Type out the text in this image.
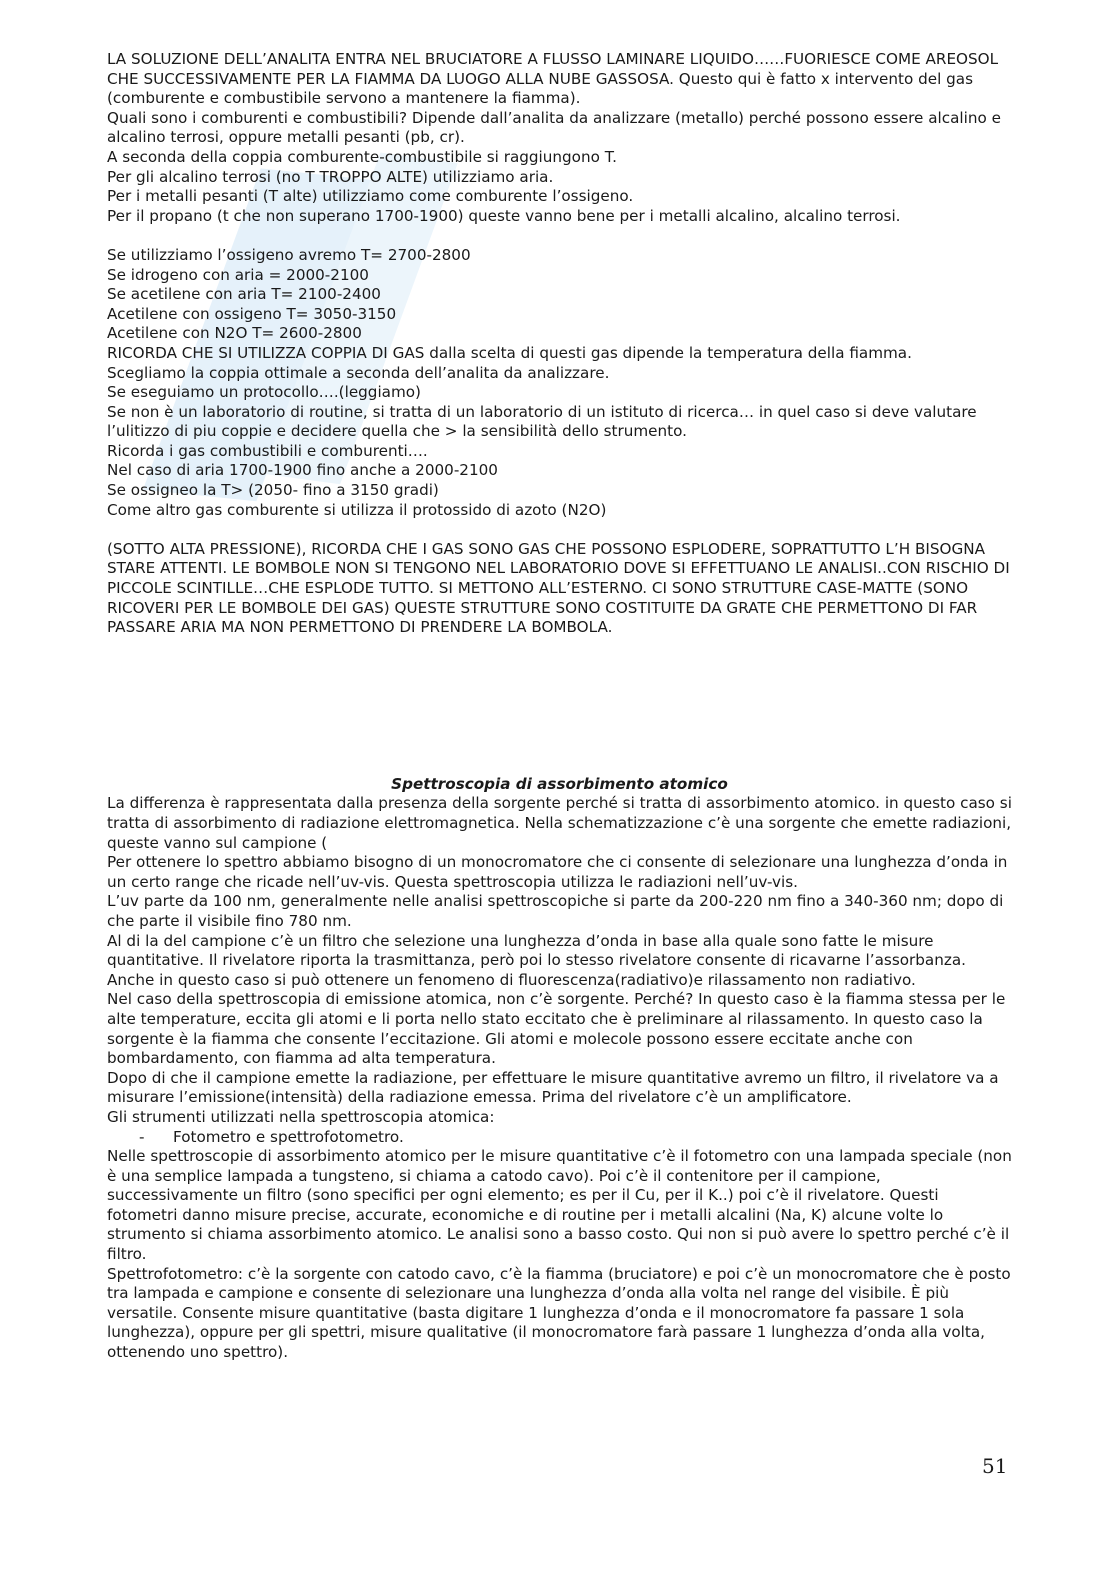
LA SOLUZIONE DELL’ANALITA ENTRA NEL BRUCIATORE A FLUSSO LAMINARE LIQUIDO……FUORIESCE COME AREOSOL CHE SUCCESSIVAMENTE PER LA FIAMMA DA LUOGO ALLA NUBE GASSOSA. Questo qui è fatto x intervento del gas (comburente e combustibile servono a mantenere la fiamma).

Quali sono i comburenti e combustibili? Dipende dall’analita da analizzare (metallo) perché possono essere alcalino e alcalino terrosi, oppure metalli pesanti (pb, cr).

A seconda della coppia comburente-combustibile si raggiungono T.

Per gli alcalino terrosi (no T TROPPO ALTE) utilizziamo aria.

Per i metalli pesanti (T alte) utilizziamo come comburente l’ossigeno.

Per il propano (t che non superano 1700-1900) queste vanno bene per i metalli alcalino, alcalino terrosi.

Se utilizziamo l’ossigeno avremo T= 2700-2800

Se idrogeno con aria = 2000-2100

Se acetilene con aria T= 2100-2400

Acetilene con ossigeno T= 3050-3150

Acetilene con N2O T= 2600-2800

RICORDA CHE SI UTILIZZA COPPIA DI GAS dalla scelta di questi gas dipende la temperatura della fiamma.

Scegliamo la coppia ottimale a seconda dell’analita da analizzare.

Se eseguiamo un protocollo….(leggiamo)

Se non è un laboratorio di routine, si tratta di un laboratorio di un istituto di ricerca… in quel caso si deve valutare l’ulitizzo di piu coppie e decidere quella che > la sensibilità dello strumento.

Ricorda i gas combustibili e comburenti….

Nel caso di aria 1700-1900 fino anche a 2000-2100

Se ossigneo la T> (2050- fino a 3150 gradi)

Come altro gas comburente si utilizza il protossido di azoto (N2O)

(SOTTO ALTA PRESSIONE), RICORDA CHE I GAS SONO GAS CHE POSSONO ESPLODERE, SOPRATTUTTO L’H BISOGNA STARE ATTENTI. LE BOMBOLE NON SI TENGONO NEL LABORATORIO DOVE SI EFFETTUANO LE ANALISI..CON RISCHIO DI PICCOLE SCINTILLE…CHE ESPLODE TUTTO. SI METTONO ALL’ESTERNO. CI SONO STRUTTURE CASE-MATTE (SONO RICOVERI PER LE BOMBOLE DEI GAS) QUESTE STRUTTURE SONO COSTITUITE DA GRATE CHE PERMETTONO DI FAR PASSARE ARIA MA NON PERMETTONO DI PRENDERE LA BOMBOLA.

Spettroscopia di assorbimento atomico

La differenza è rappresentata dalla presenza della sorgente perché si tratta di assorbimento atomico. in questo caso si tratta di assorbimento di radiazione elettromagnetica. Nella schematizzazione c’è una sorgente che emette radiazioni, queste vanno sul campione (

Per ottenere lo spettro abbiamo bisogno di un monocromatore che ci consente di selezionare una lunghezza d’onda in un certo range che ricade nell’uv-vis. Questa spettroscopia utilizza le radiazioni nell’uv-vis.

L’uv parte da 100 nm, generalmente nelle analisi spettroscopiche si parte da 200-220 nm fino a 340-360 nm; dopo di che parte il visibile fino 780 nm.

Al di la del campione c’è un filtro che selezione una lunghezza d’onda in base alla quale sono fatte le misure quantitative. Il rivelatore riporta la trasmittanza, però poi lo stesso rivelatore consente di ricavarne l’assorbanza. Anche in questo caso si può ottenere un fenomeno di fluorescenza(radiativo)e rilassamento non radiativo.

Nel caso della spettroscopia di emissione atomica, non c’è sorgente. Perché? In questo caso è la fiamma stessa per le alte temperature, eccita gli atomi e li porta nello stato eccitato che è preliminare al rilassamento. In questo caso la sorgente è la fiamma che consente l’eccitazione. Gli atomi e molecole possono essere eccitate anche con bombardamento, con fiamma ad alta temperatura.

Dopo di che il campione emette la radiazione, per effettuare le misure quantitative avremo un filtro, il rivelatore va a misurare l’emissione(intensità) della radiazione emessa. Prima del rivelatore c’è un amplificatore.

Gli strumenti utilizzati nella spettroscopia atomica:

-	Fotometro e spettrofotometro.

Nelle spettroscopie di assorbimento atomico per le misure quantitative c’è il fotometro con una lampada speciale (non è una semplice lampada a tungsteno, si chiama a catodo cavo). Poi c’è il contenitore per il campione, successivamente un filtro (sono specifici per ogni elemento; es per il Cu, per il K..) poi c’è il rivelatore. Questi fotometri danno misure precise, accurate, economiche e di routine per i metalli alcalini (Na, K) alcune volte lo strumento si chiama assorbimento atomico. Le analisi sono a basso costo. Qui non si può avere lo spettro perché c’è il filtro.

Spettrofotometro: c’è la sorgente con catodo cavo, c’è la fiamma (bruciatore) e poi c’è un monocromatore che è posto tra lampada e campione e consente di selezionare una lunghezza d’onda alla volta nel range del visibile. È più versatile. Consente misure quantitative (basta digitare 1 lunghezza d’onda e il monocromatore fa passare 1 sola lunghezza), oppure per gli spettri, misure qualitative (il monocromatore farà passare 1 lunghezza d’onda alla volta, ottenendo uno spettro).

51
